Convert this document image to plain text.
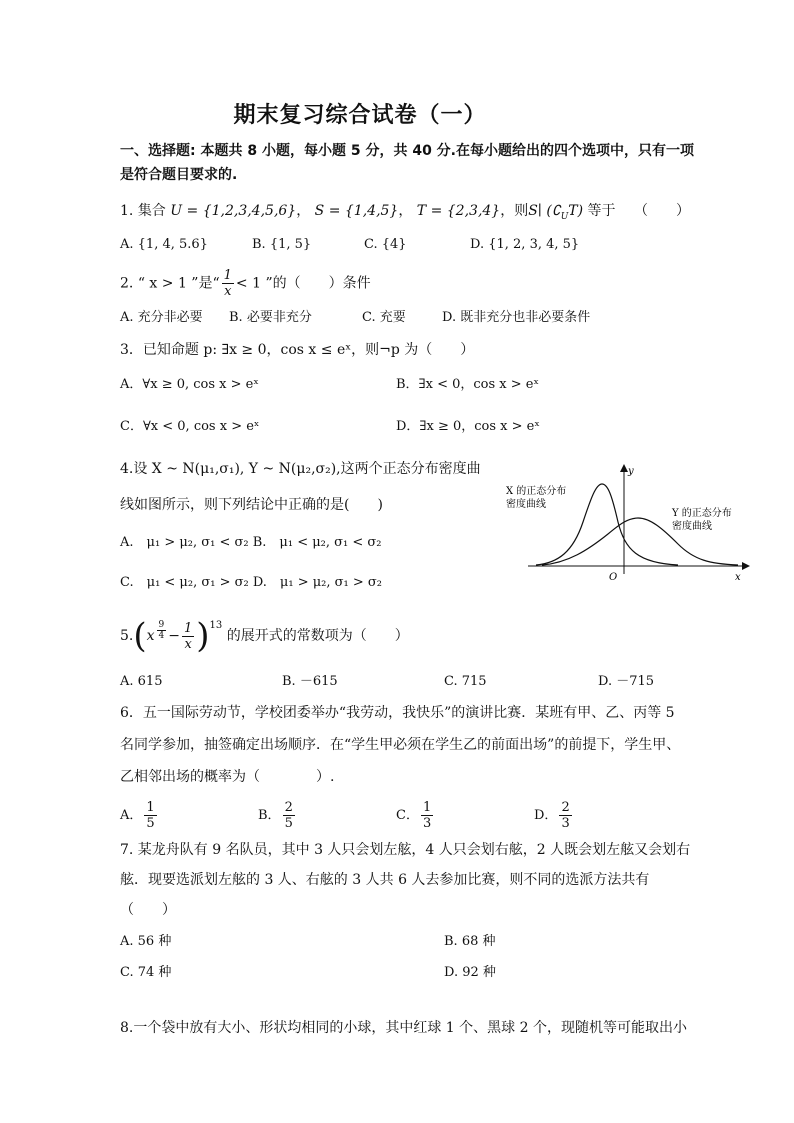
期末复习综合试卷（一）
一、选择题: 本题共 8 小题，每小题 5 分，共 40 分.在每小题给出的四个选项中，只有一项
是符合题目要求的.
1. 集合 U = {1,2,3,4,5,6}， S = {1,4,5}， T = {2,3,4}，则S∣ $(∁_UT)$ 等于 （　　）
A. {1, 4, 5.6}	B. {1, 5}	C. {4}	D. {1, 2, 3, 4, 5}
2. “ x > 1 ”是“ $\frac{1}{x} < 1$ ”的（　　）条件
A. 充分非必要 B. 必要非充分	C. 充要	D. 既非充分也非必要条件
3．已知命题 p: ∃x ≥ 0，cos x ≤ eˣ，则¬p 为（　　）
A．∀x ≥ 0, cos x > eˣ	B．∃x < 0，cos x > eˣ
C．∀x < 0, cos x > eˣ	D．∃x ≥ 0，cos x > eˣ
4.设 X ~ N(μ₁,σ₁), Y ~ N(μ₂,σ₂),这两个正态分布密度曲
线如图所示，则下列结论中正确的是(　　)
A.　μ₁ > μ₂, σ₁ < σ₂ B.　μ₁ < μ₂, σ₁ < σ₂
C.　μ₁ < μ₂, σ₁ > σ₂ D.　μ₁ > μ₂, σ₁ > σ₂
X 的正态分布
密度曲线
Y 的正态分布
密度曲线
y
x
O
$5.(x \frac{9}{4} - \frac{1}{x} )^{13}$ 的展开式的常数项为（　　）
A. 615	B. －615	C. 715	D. －715
6．五一国际劳动节，学校团委举办“我劳动，我快乐”的演讲比赛．某班有甲、乙、丙等 5
名同学参加，抽签确定出场顺序．在“学生甲必须在学生乙的前面出场”的前提下，学生甲、
乙相邻出场的概率为（　　　　）.
A． $\frac{1}{5}$	B． $\frac{2}{5}$	C． $\frac{1}{3}$	D． $\frac{2}{3}$
7. 某龙舟队有 9 名队员，其中 3 人只会划左舷，4 人只会划右舷，2 人既会划左舷又会划右
舷．现要选派划左舷的 3 人、右舷的 3 人共 6 人去参加比赛，则不同的选派方法共有
（　　）
A. 56 种	B. 68 种
C. 74 种	D. 92 种
8.一个袋中放有大小、形状均相同的小球，其中红球 1 个、黑球 2 个，现随机等可能取出小
